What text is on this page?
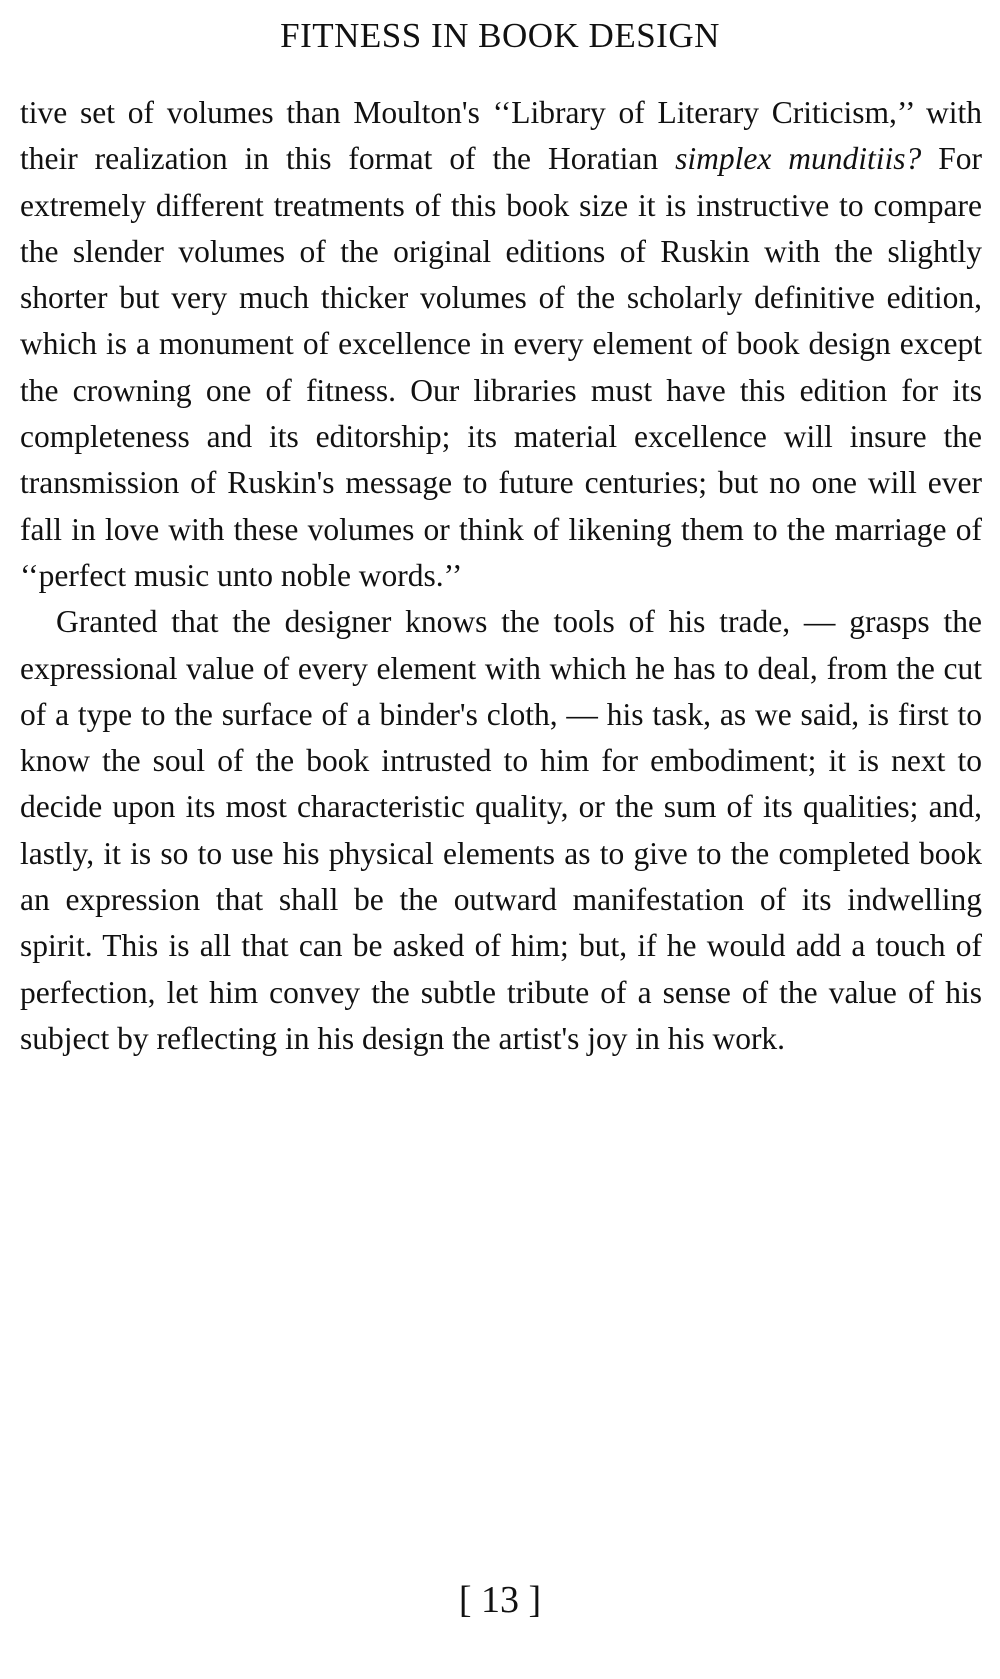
FITNESS IN BOOK DESIGN

tive set of volumes than Moulton's ‘‘Library of Literary Criticism,’’ with their realization in this format of the Horatian simplex munditiis? For extremely different treatments of this book size it is instructive to compare the slender volumes of the original editions of Ruskin with the slightly shorter but very much thicker volumes of the scholarly definitive edition, which is a monument of excellence in every element of book design except the crowning one of fitness. Our libraries must have this edition for its completeness and its editorship; its material excellence will insure the transmission of Ruskin's message to future centuries; but no one will ever fall in love with these volumes or think of likening them to the marriage of ‘‘perfect music unto noble words.’’

Granted that the designer knows the tools of his trade, — grasps the expressional value of every element with which he has to deal, from the cut of a type to the surface of a binder's cloth, — his task, as we said, is first to know the soul of the book intrusted to him for embodiment; it is next to decide upon its most characteristic quality, or the sum of its qualities; and, lastly, it is so to use his physical elements as to give to the completed book an expression that shall be the outward manifestation of its indwelling spirit. This is all that can be asked of him; but, if he would add a touch of perfection, let him convey the subtle tribute of a sense of the value of his subject by reflecting in his design the artist's joy in his work.

[ 13 ]
